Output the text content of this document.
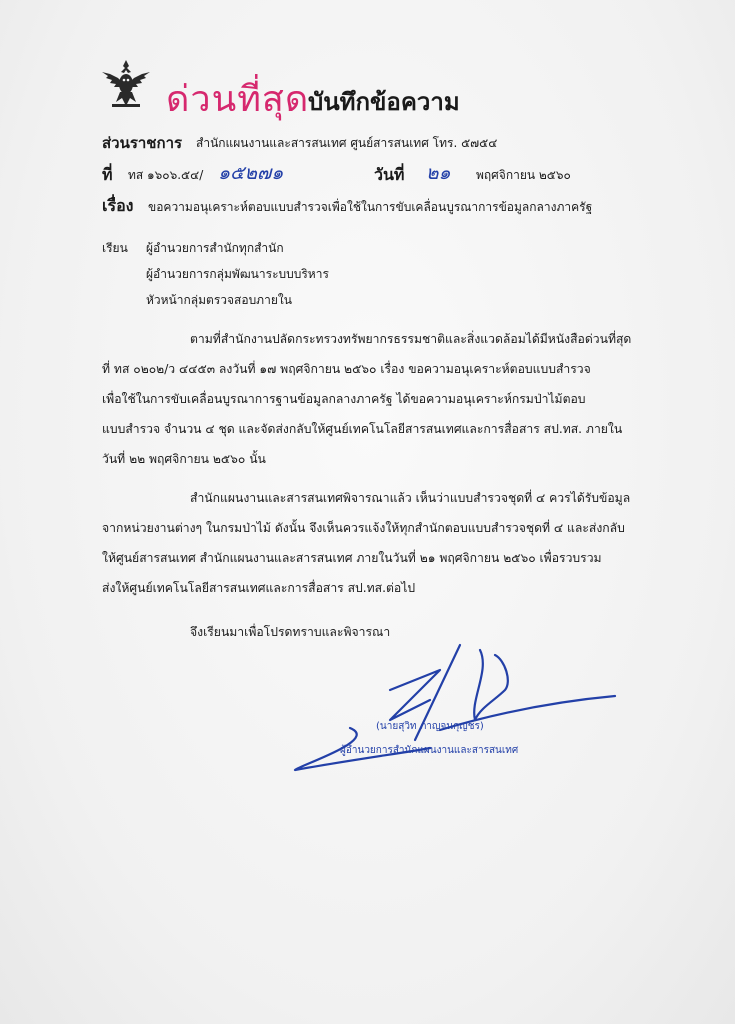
ด่วนที่สุด
บันทึกข้อความ
ส่วนราชการ สำนักแผนงานและสารสนเทศ ศูนย์สารสนเทศ โทร. ๕๗๕๔
ที่ ทส ๑๖๐๖.๕๔/ ๑๕๒๗๑	วันที่ ๒๑ พฤศจิกายน ๒๕๖๐
เรื่อง ขอความอนุเคราะห์ตอบแบบสำรวจเพื่อใช้ในการขับเคลื่อนบูรณาการข้อมูลกลางภาครัฐ
เรียน ผู้อำนวยการสำนักทุกสำนัก
ผู้อำนวยการกลุ่มพัฒนาระบบบริหาร
หัวหน้ากลุ่มตรวจสอบภายใน
ตามที่สำนักงานปลัดกระทรวงทรัพยากรธรรมชาติและสิ่งแวดล้อมได้มีหนังสือด่วนที่สุด
ที่ ทส ๐๒๐๒/ว ๔๔๕๓ ลงวันที่ ๑๗ พฤศจิกายน ๒๕๖๐ เรื่อง ขอความอนุเคราะห์ตอบแบบสำรวจ
เพื่อใช้ในการขับเคลื่อนบูรณาการฐานข้อมูลกลางภาครัฐ ได้ขอความอนุเคราะห์กรมป่าไม้ตอบ
แบบสำรวจ จำนวน ๔ ชุด และจัดส่งกลับให้ศูนย์เทคโนโลยีสารสนเทศและการสื่อสาร สป.ทส. ภายใน
วันที่ ๒๒ พฤศจิกายน ๒๕๖๐ นั้น
สำนักแผนงานและสารสนเทศพิจารณาแล้ว เห็นว่าแบบสำรวจชุดที่ ๔ ควรได้รับข้อมูล
จากหน่วยงานต่างๆ ในกรมป่าไม้ ดังนั้น จึงเห็นควรแจ้งให้ทุกสำนักตอบแบบสำรวจชุดที่ ๔ และส่งกลับ
ให้ศูนย์สารสนเทศ สำนักแผนงานและสารสนเทศ ภายในวันที่ ๒๑ พฤศจิกายน ๒๕๖๐ เพื่อรวบรวม
ส่งให้ศูนย์เทคโนโลยีสารสนเทศและการสื่อสาร สป.ทส.ต่อไป
จึงเรียนมาเพื่อโปรดทราบและพิจารณา
(นายสุวิท ภาญจนกุญชร)
ผู้อำนวยการสำนักแผนงานและสารสนเทศ
